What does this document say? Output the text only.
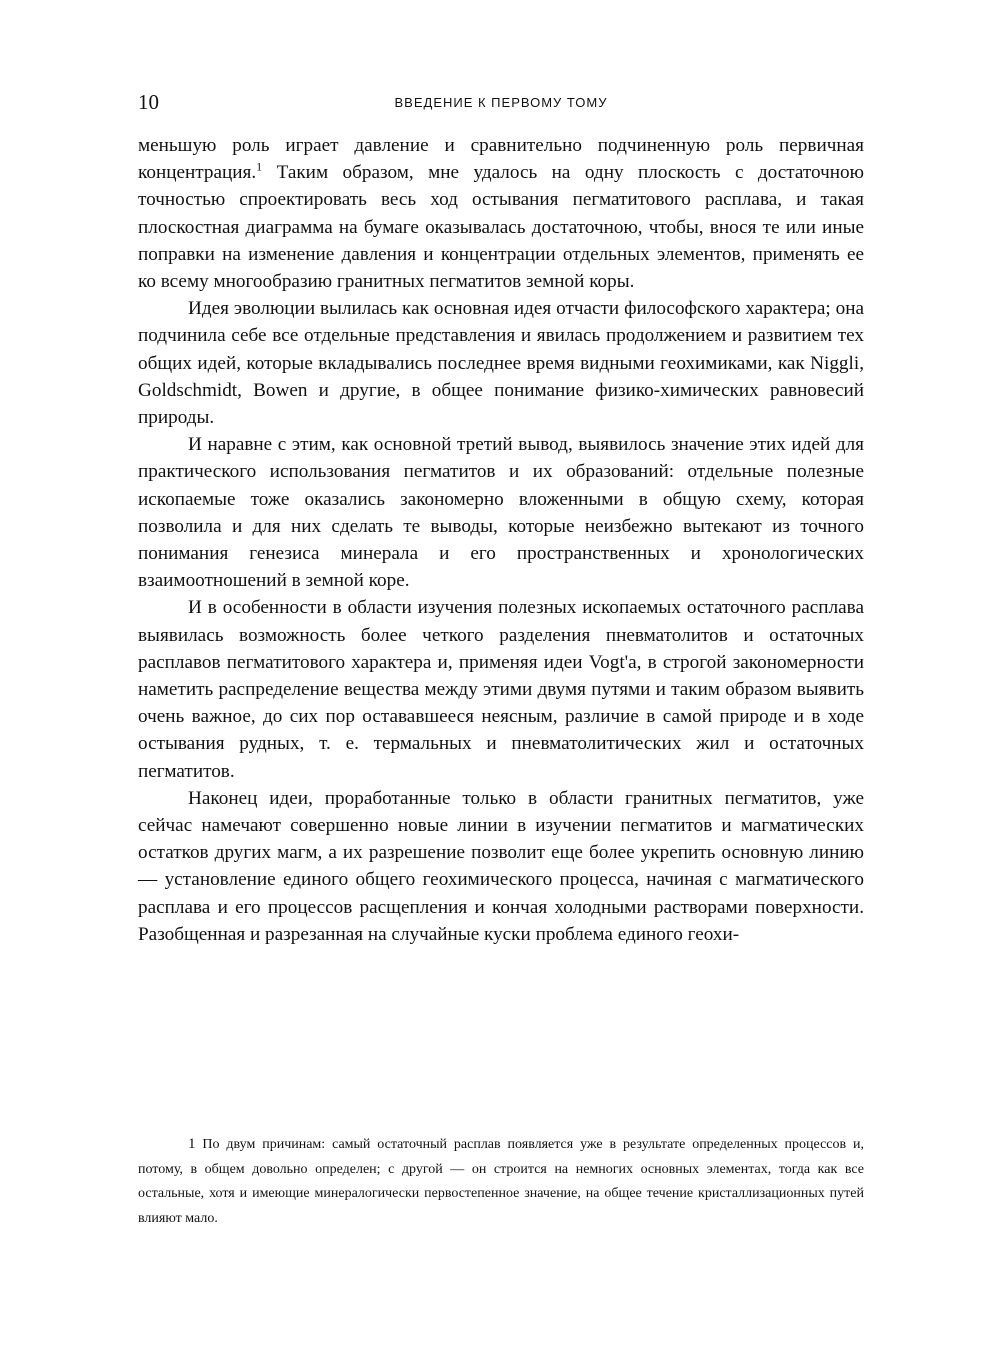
10	ВВЕДЕНИЕ К ПЕРВОМУ ТОМУ

меньшую роль играет давление и сравнительно подчиненную роль первичная концентрация.$^1$ Таким образом, мне удалось на одну плоскость с достаточною точностью спроектировать весь ход остывания пегматитового расплава, и такая плоскостная диаграмма на бумаге оказывалась достаточною, чтобы, внося те или иные поправки на изменение давления и концентрации отдельных элементов, применять ее ко всему многообразию гранитных пегматитов земной коры.

Идея эволюции вылилась как основная идея отчасти философского характера; она подчинила себе все отдельные представления и явилась продолжением и развитием тех общих идей, которые вкладывались последнее время видными геохимиками, как Niggli, Goldschmidt, Bowen и другие, в общее понимание физико-химических равновесий природы.

И наравне с этим, как основной третий вывод, выявилось значение этих идей для практического использования пегматитов и их образований: отдельные полезные ископаемые тоже оказались закономерно вложенными в общую схему, которая позволила и для них сделать те выводы, которые неизбежно вытекают из точного понимания генезиса минерала и его пространственных и хронологических взаимоотношений в земной коре.

И в особенности в области изучения полезных ископаемых остаточного расплава выявилась возможность более четкого разделения пневматолитов и остаточных расплавов пегматитового характера и, применяя идеи Vogt'a, в строгой закономерности наметить распределение вещества между этими двумя путями и таким образом выявить очень важное, до сих пор остававшееся неясным, различие в самой природе и в ходе остывания рудных, т. е. термальных и пневматолитических жил и остаточных пегматитов.

Наконец идеи, проработанные только в области гранитных пегматитов, уже сейчас намечают совершенно новые линии в изучении пегматитов и магматических остатков других магм, а их разрешение позволит еще более укрепить основную линию — установление единого общего геохимического процесса, начиная с магматического расплава и его процессов расщепления и кончая холодными растворами поверхности. Разобщенная и разрезанная на случайные куски проблема единого геохи-

1 По двум причинам: самый остаточный расплав появляется уже в результате определенных процессов и, потому, в общем довольно определен; с другой — он строится на немногих основных элементах, тогда как все остальные, хотя и имеющие минералогически первостепенное значение, на общее течение кристаллизационных путей влияют мало.
